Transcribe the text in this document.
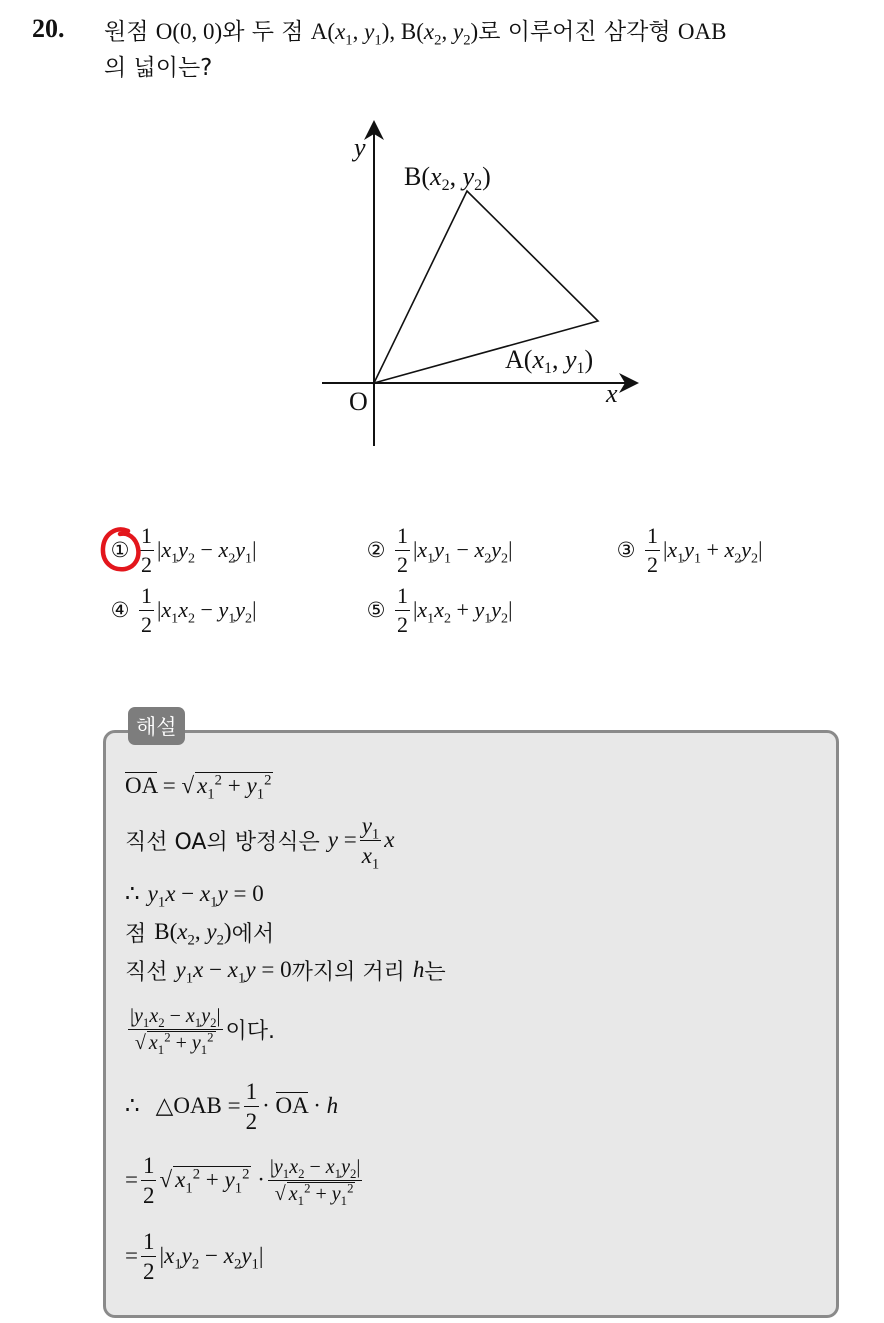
20. 원점 O(0, 0)와 두 점 $A(x_1$, $y_1$), $B(x_2$, $y_2$)로 이루어진 삼각형 OAB
의 넓이는?
y
x
O
A(x1, y1)
B(x2, y2)
① $\frac{1}{2} |x_1y_2 - x_2y_1|$	② $\frac{1}{2} |x_1y_1 - x_2y_2|$	③ $\frac{1}{2} |x_1y_1 + x_2y_2|$
④ $\frac{1}{2} |x_1x_2 - y_1y_2|$	⑤ $\frac{1}{2} |x_1x_2 + y_1y_2|$
해설
OA = √ $x_1^2 + y_1^2$
직선 OA의 방정식은 $y = \frac{y_1}{x_1}$ x
∴ $y_1x - x_1y = 0$
점 $B(x_2$, $y_2$) 에서
직선 $y_1x - x_1y = 0$ 까지의 거리 h 는
$\frac{|y_1x_2 - x_1y_2|}{√ x_1^2 + y_1^2}$ 이다.
∴ △OAB = $\frac{1}{2}$ · OA · h
= $\frac{1}{2}$ √ $x_1^2 + y_1^2 \cdot \frac{|y_1x_2 - x_1y_2|}{√ x_1^2 + y_1^2}$
= $\frac{1}{2} |x_1y_2 - x_2y_1|$
